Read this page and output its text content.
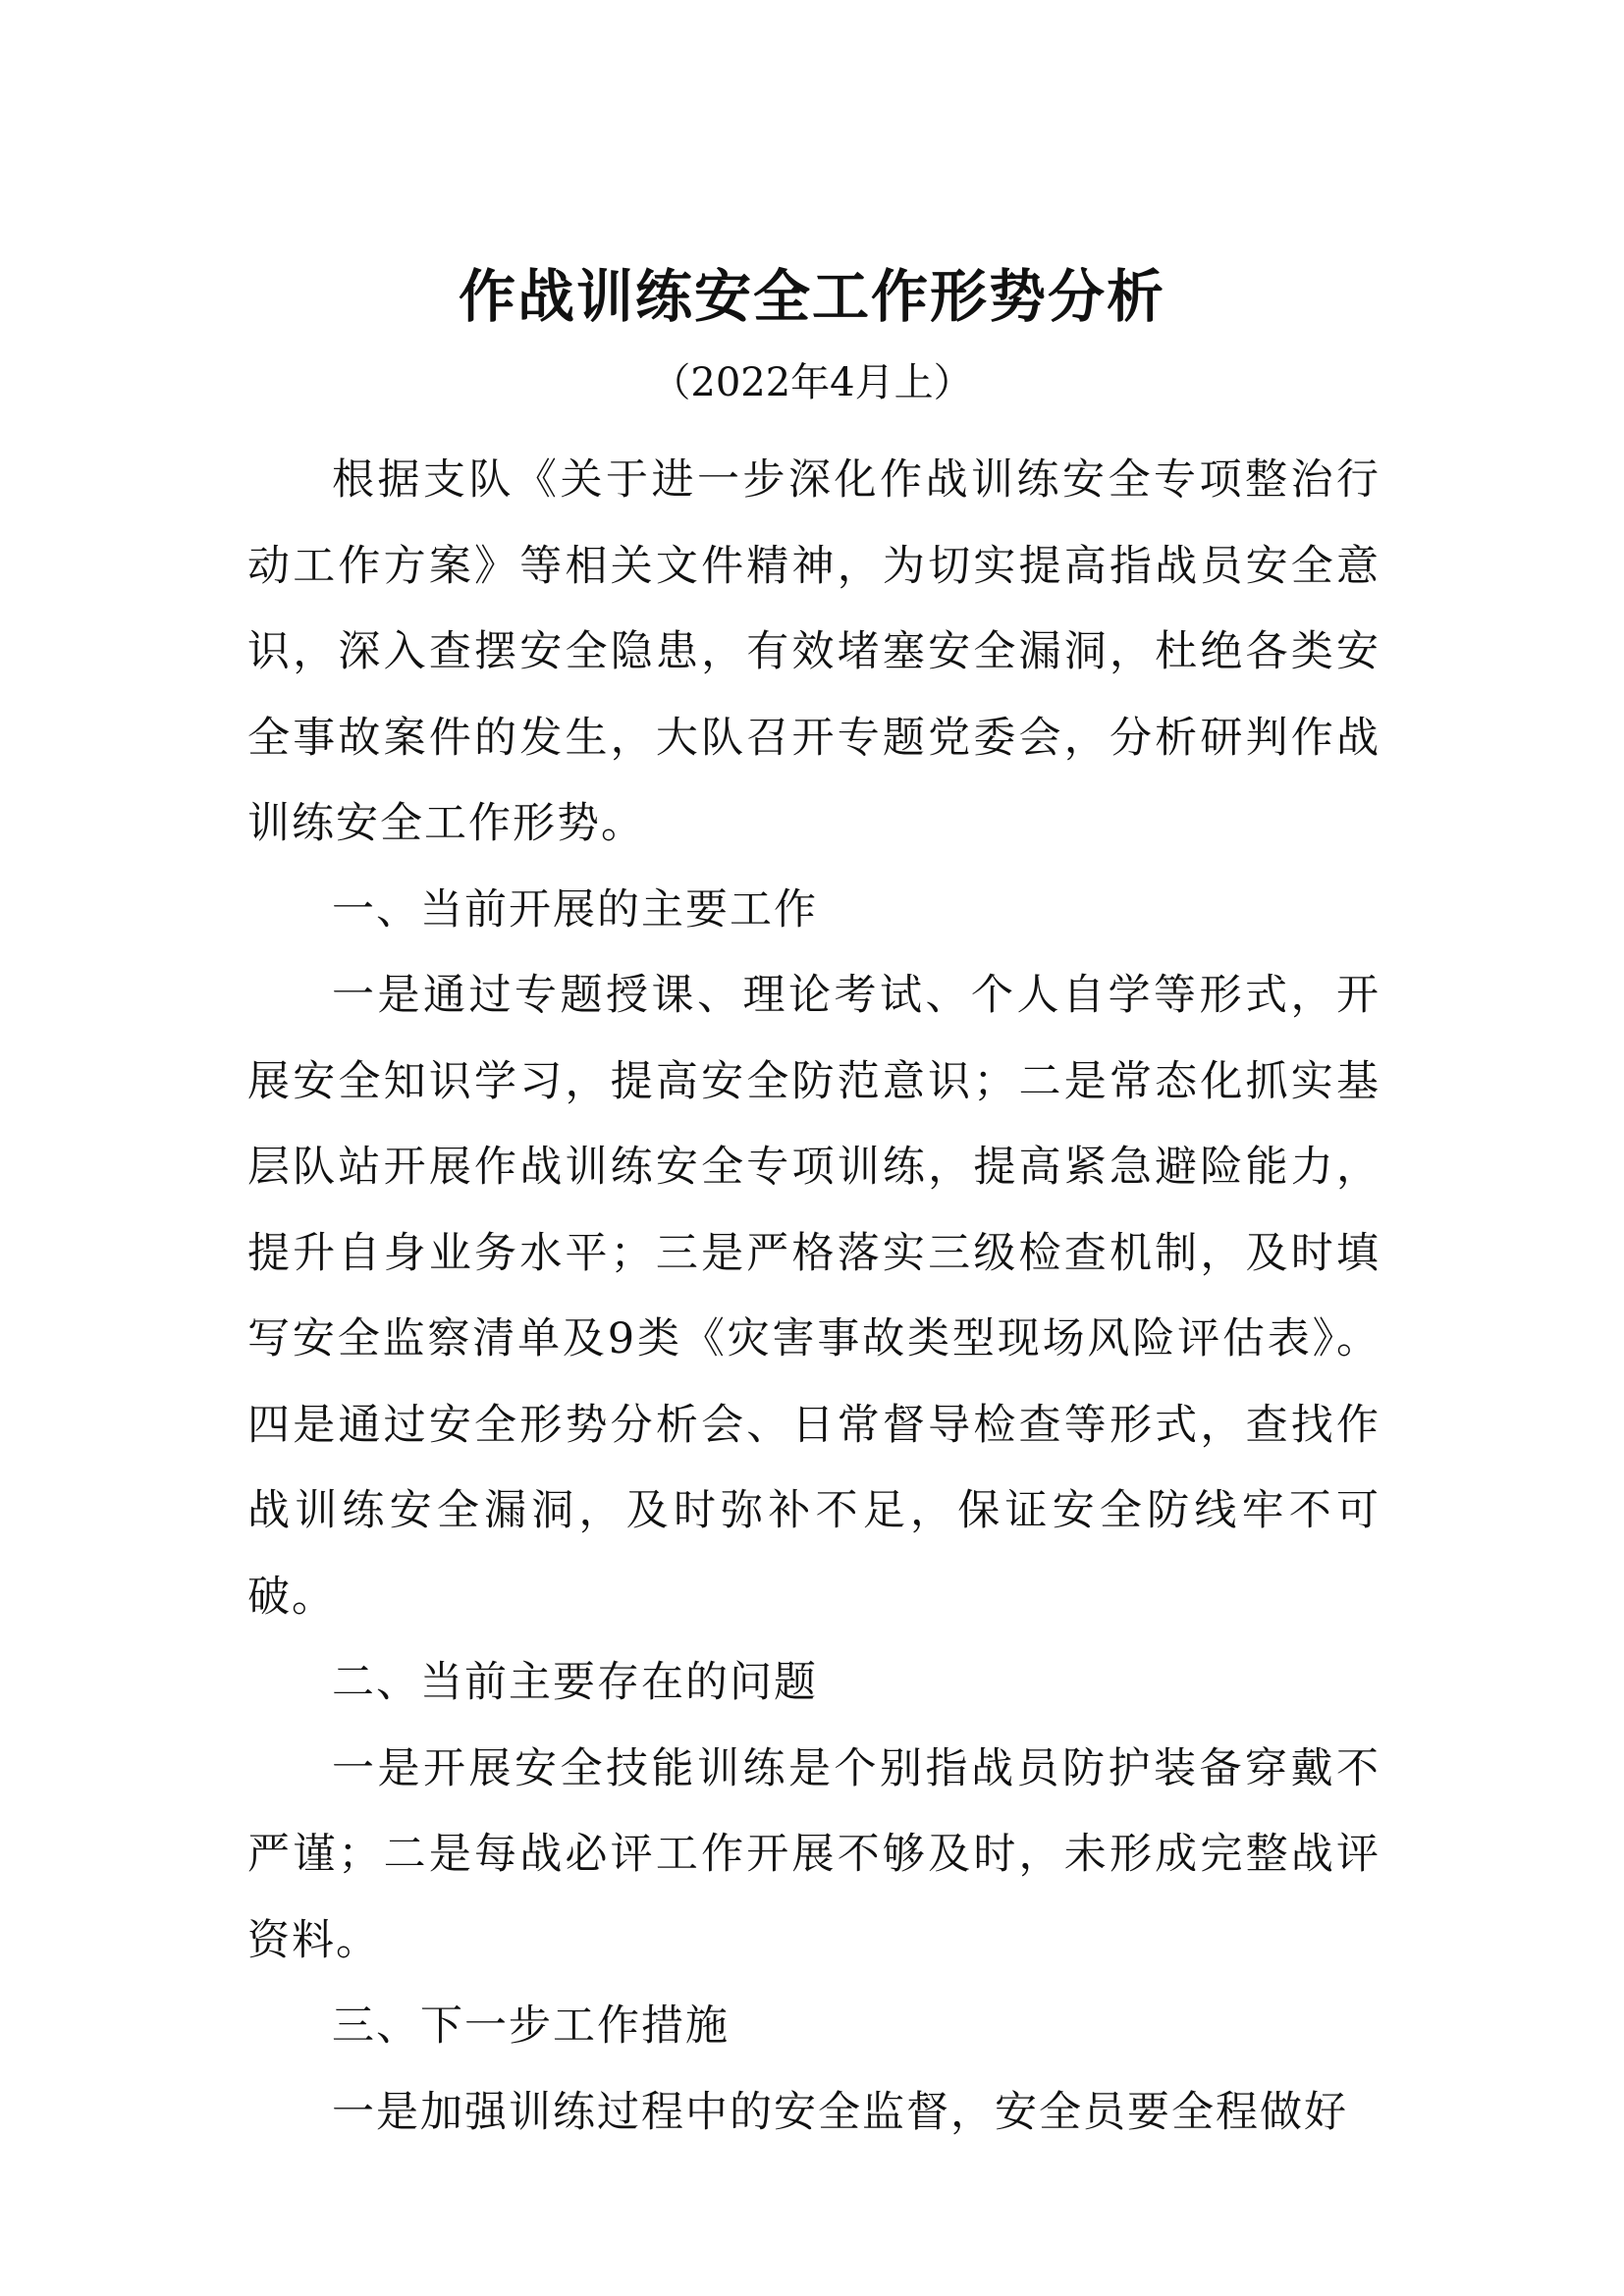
作战训练安全工作形势分析
（2022年4月上）

根据支队《关于进一步深化作战训练安全专项整治行动工作方案》等相关文件精神，为切实提高指战员安全意识，深入查摆安全隐患，有效堵塞安全漏洞，杜绝各类安全事故案件的发生，大队召开专题党委会，分析研判作战训练安全工作形势。

一、当前开展的主要工作

一是通过专题授课、理论考试、个人自学等形式，开展安全知识学习，提高安全防范意识；二是常态化抓实基层队站开展作战训练安全专项训练，提高紧急避险能力，提升自身业务水平；三是严格落实三级检查机制，及时填写安全监察清单及9类《灾害事故类型现场风险评估表》。四是通过安全形势分析会、日常督导检查等形式，查找作战训练安全漏洞，及时弥补不足，保证安全防线牢不可破。

二、当前主要存在的问题

一是开展安全技能训练是个别指战员防护装备穿戴不严谨；二是每战必评工作开展不够及时，未形成完整战评资料。

三、下一步工作措施

一是加强训练过程中的安全监督，安全员要全程做好
